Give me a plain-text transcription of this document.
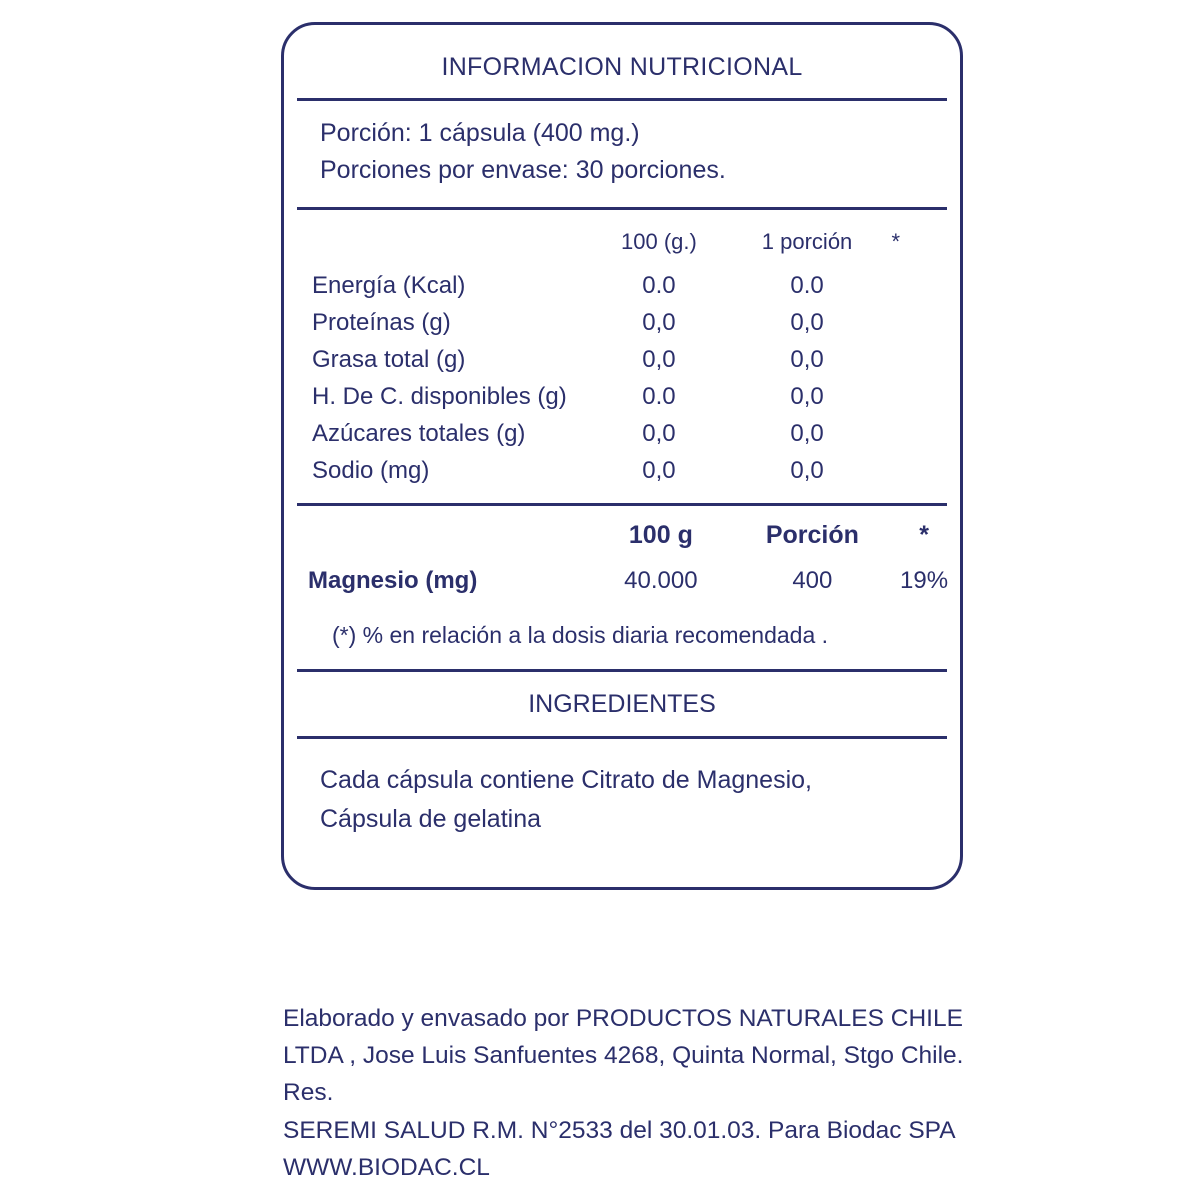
INFORMACION NUTRICIONAL
Porción: 1 cápsula (400 mg.)
Porciones por envase: 30 porciones.
	100 (g.)	1 porción	*
Energía (Kcal)	0.0	0.0	
Proteínas (g)	0,0	0,0	
Grasa total (g)	0,0	0,0	
H. De C. disponibles (g)	0.0	0,0	
Azúcares totales (g)	0,0	0,0	
Sodio (mg)	0,0	0,0	
	100 g	Porción	*
Magnesio (mg)	40.000	400	19%
(*) % en relación a la dosis diaria recomendada .
INGREDIENTES
Cada cápsula contiene Citrato de Magnesio,
Cápsula de gelatina
Elaborado y envasado por PRODUCTOS NATURALES CHILE
LTDA , Jose Luis Sanfuentes 4268, Quinta Normal, Stgo Chile. Res.
SEREMI SALUD R.M. N°2533 del 30.01.03. Para Biodac SPA
WWW.BIODAC.CL
